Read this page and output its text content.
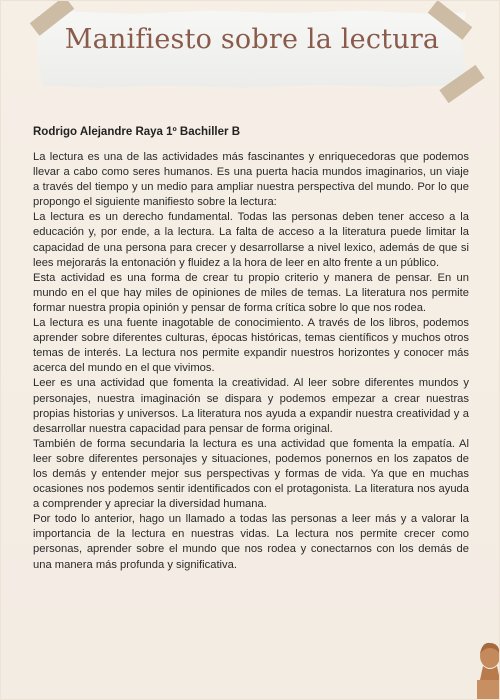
Manifiesto sobre la lectura
Rodrigo Alejandre Raya 1º Bachiller B

La lectura es una de las actividades más fascinantes y enriquecedoras que podemos llevar a cabo como seres humanos. Es una puerta hacia mundos imaginarios, un viaje a través del tiempo y un medio para ampliar nuestra perspectiva del mundo. Por lo que propongo el siguiente manifiesto sobre la lectura:

La lectura es un derecho fundamental. Todas las personas deben tener acceso a la educación y, por ende, a la lectura. La falta de acceso a la literatura puede limitar la capacidad de una persona para crecer y desarrollarse a nivel lexico, además de que si lees mejorarás la entonación y fluidez a la hora de leer en alto frente a un público.

Esta actividad es una forma de crear tu propio criterio y manera de pensar. En un mundo en el que hay miles de opiniones de miles de temas. La literatura nos permite formar nuestra propia opinión y pensar de forma crítica sobre lo que nos rodea.

La lectura es una fuente inagotable de conocimiento. A través de los libros, podemos aprender sobre diferentes culturas, épocas históricas, temas científicos y muchos otros temas de interés. La lectura nos permite expandir nuestros horizontes y conocer más acerca del mundo en el que vivimos.

Leer es una actividad que fomenta la creatividad. Al leer sobre diferentes mundos y personajes, nuestra imaginación se dispara y podemos empezar a crear nuestras propias historias y universos. La literatura nos ayuda a expandir nuestra creatividad y a desarrollar nuestra capacidad para pensar de forma original.

También de forma secundaria la lectura es una actividad que fomenta la empatía. Al leer sobre diferentes personajes y situaciones, podemos ponernos en los zapatos de los demás y entender mejor sus perspectivas y formas de vida. Ya que en muchas ocasiones nos podemos sentir identificados con el protagonista. La literatura nos ayuda a comprender y apreciar la diversidad humana.

Por todo lo anterior, hago un llamado a todas las personas a leer más y a valorar la importancia de la lectura en nuestras vidas. La lectura nos permite crecer como personas, aprender sobre el mundo que nos rodea y conectarnos con los demás de una manera más profunda y significativa.
